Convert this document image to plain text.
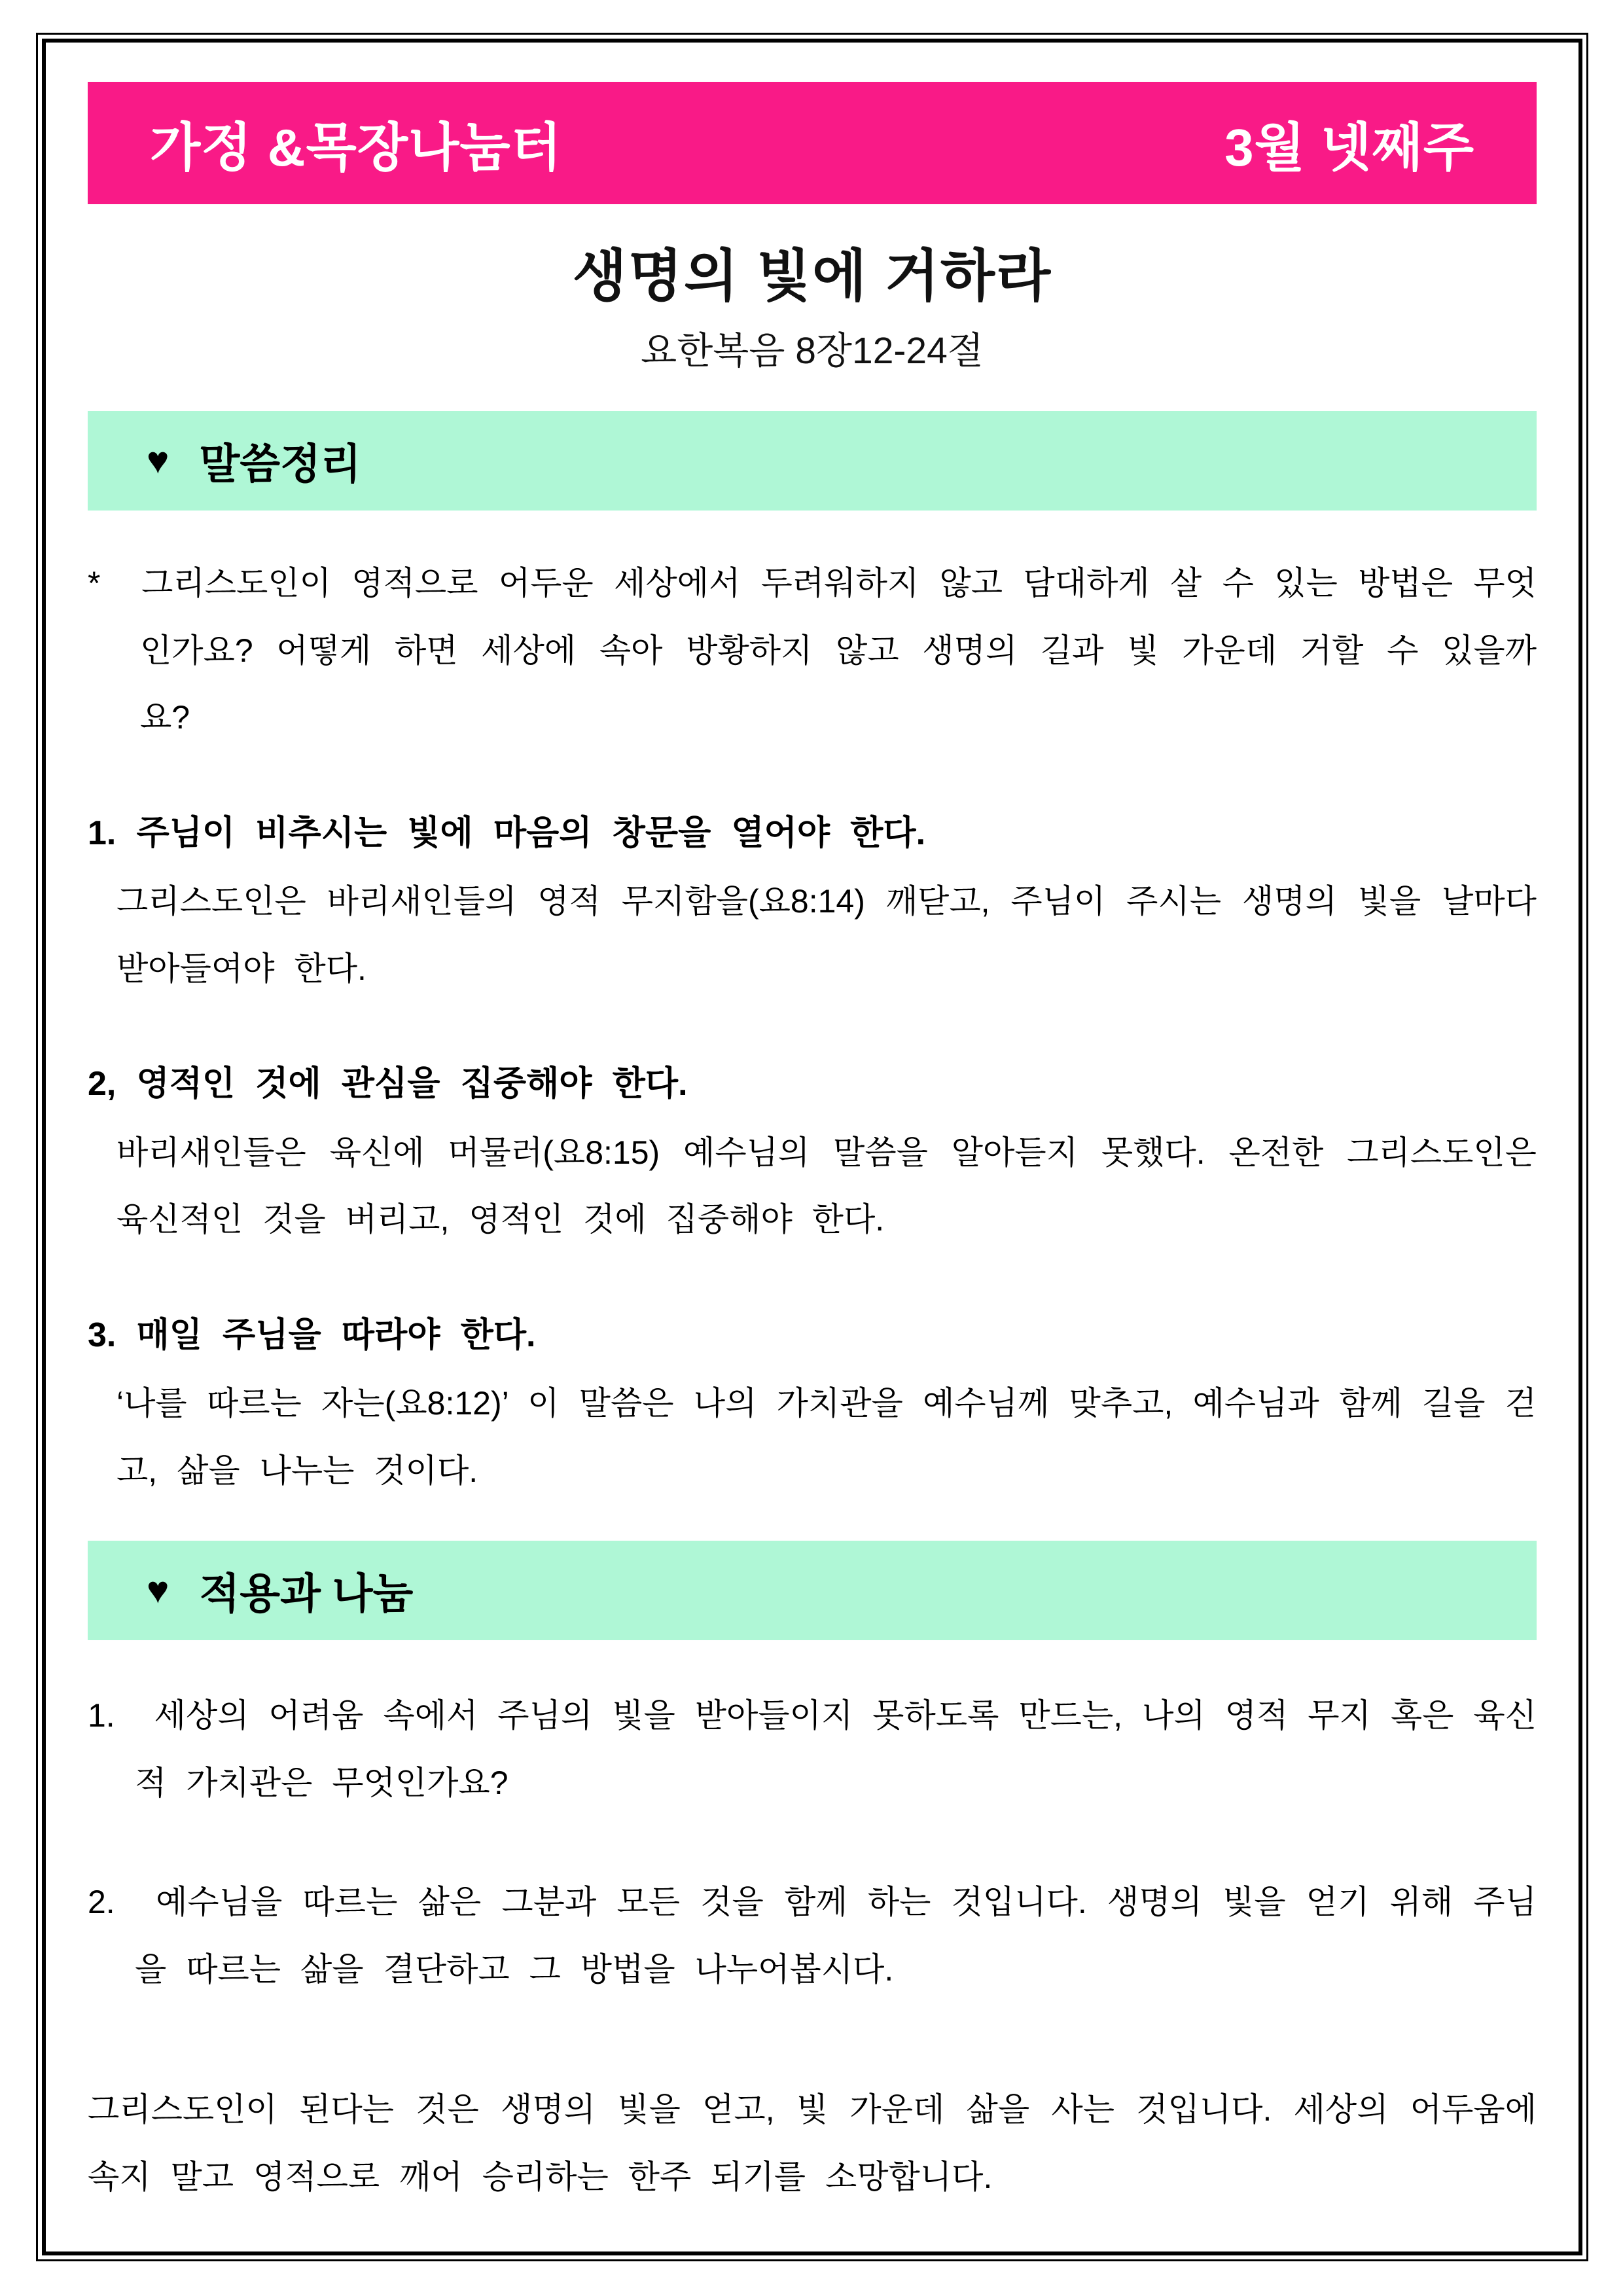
가정 &목장나눔터	3월 넷째주
생명의 빛에 거하라
요한복음 8장12-24절
♥ 말씀정리

* 그리스도인이 영적으로 어두운 세상에서 두려워하지 않고 담대하게 살 수 있는 방법은 무엇인가요? 어떻게 하면 세상에 속아 방황하지 않고 생명의 길과 빛 가운데 거할 수 있을까요?

1. 주님이 비추시는 빛에 마음의 창문을 열어야 한다.

그리스도인은 바리새인들의 영적 무지함을(요8:14) 깨닫고, 주님이 주시는 생명의 빛을 날마다 받아들여야 한다.

2, 영적인 것에 관심을 집중해야 한다.

바리새인들은 육신에 머물러(요8:15) 예수님의 말씀을 알아듣지 못했다. 온전한 그리스도인은 육신적인 것을 버리고, 영적인 것에 집중해야 한다.

3. 매일 주님을 따라야 한다.

‘나를 따르는 자는(요8:12)’ 이 말씀은 나의 가치관을 예수님께 맞추고, 예수님과 함께 길을 걷고, 삶을 나누는 것이다.

♥ 적용과 나눔

1. 세상의 어려움 속에서 주님의 빛을 받아들이지 못하도록 만드는, 나의 영적 무지 혹은 육신적 가치관은 무엇인가요?

2. 예수님을 따르는 삶은 그분과 모든 것을 함께 하는 것입니다. 생명의 빛을 얻기 위해 주님을 따르는 삶을 결단하고 그 방법을 나누어봅시다.

그리스도인이 된다는 것은 생명의 빛을 얻고, 빛 가운데 삶을 사는 것입니다. 세상의 어두움에 속지 말고 영적으로 깨어 승리하는 한주 되기를 소망합니다.
